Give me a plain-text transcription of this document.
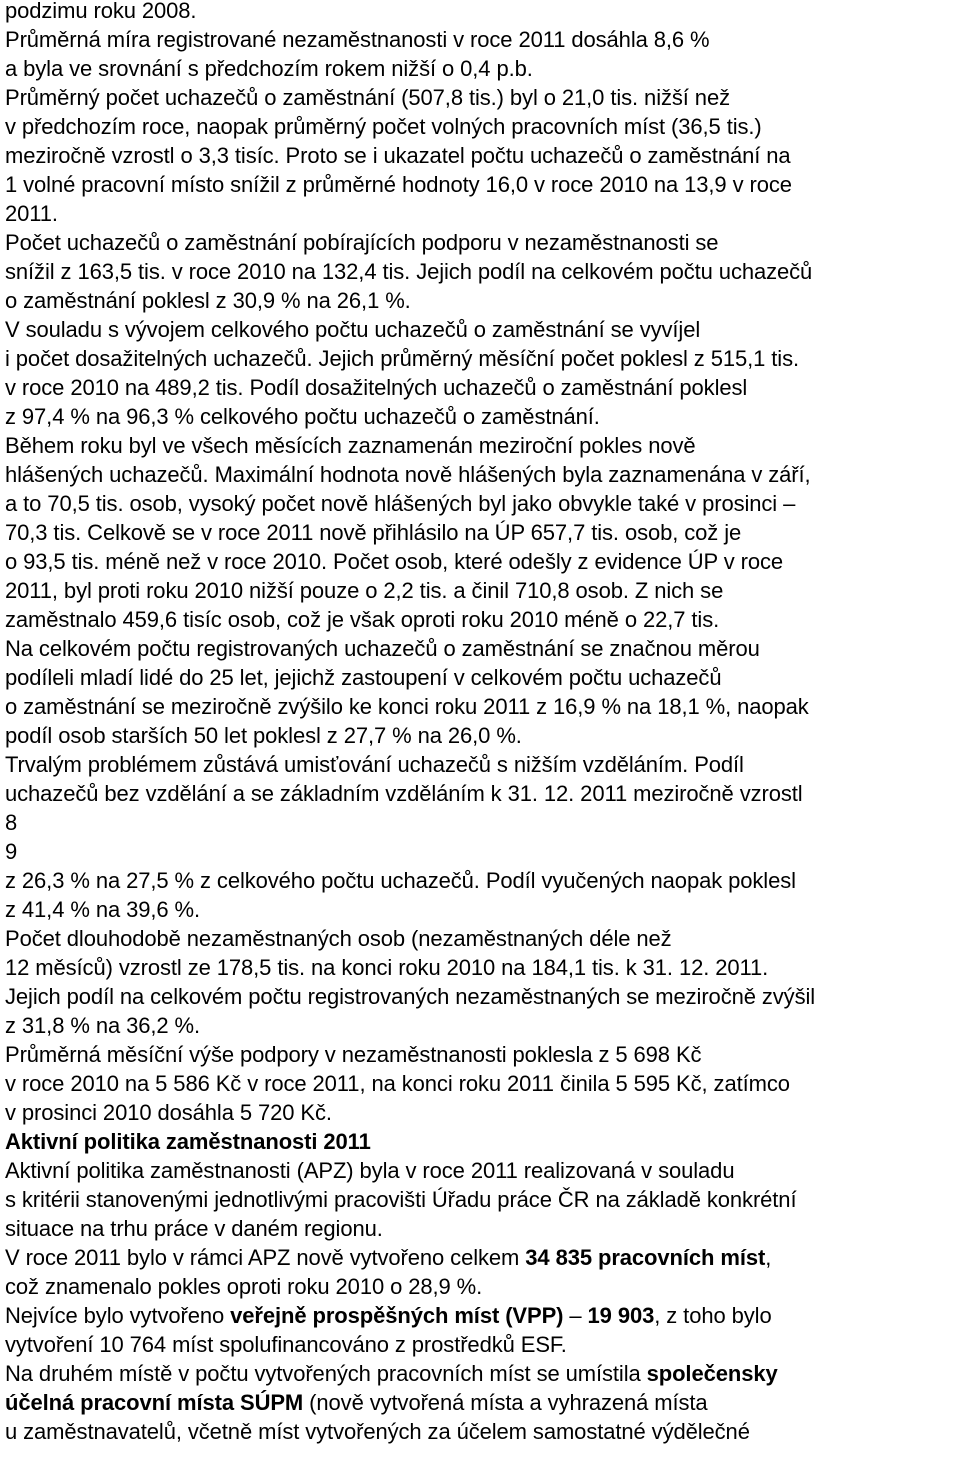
podzimu roku 2008.
Průměrná míra registrované nezaměstnanosti v roce 2011 dosáhla 8,6 %
a byla ve srovnání s předchozím rokem nižší o 0,4 p.b.
Průměrný počet uchazečů o zaměstnání (507,8 tis.) byl o 21,0 tis. nižší než
v předchozím roce, naopak průměrný počet volných pracovních míst (36,5 tis.)
meziročně vzrostl o 3,3 tisíc. Proto se i ukazatel počtu uchazečů o zaměstnání na
1 volné pracovní místo snížil z průměrné hodnoty 16,0 v roce 2010 na 13,9 v roce
2011.
Počet uchazečů o zaměstnání pobírajících podporu v nezaměstnanosti se
snížil z 163,5 tis. v roce 2010 na 132,4 tis. Jejich podíl na celkovém počtu uchazečů
o zaměstnání poklesl z 30,9 % na 26,1 %.
V souladu s vývojem celkového počtu uchazečů o zaměstnání se vyvíjel
i počet dosažitelných uchazečů. Jejich průměrný měsíční počet poklesl z 515,1 tis.
v roce 2010 na 489,2 tis. Podíl dosažitelných uchazečů o zaměstnání poklesl
z 97,4 % na 96,3 % celkového počtu uchazečů o zaměstnání.
Během roku byl ve všech měsících zaznamenán meziroční pokles nově
hlášených uchazečů. Maximální hodnota nově hlášených byla zaznamenána v září,
a to 70,5 tis. osob, vysoký počet nově hlášených byl jako obvykle také v prosinci –
70,3 tis. Celkově se v roce 2011 nově přihlásilo na ÚP 657,7 tis. osob, což je
o 93,5 tis. méně než v roce 2010. Počet osob, které odešly z evidence ÚP v roce
2011, byl proti roku 2010 nižší pouze o 2,2 tis. a činil 710,8 osob. Z nich se
zaměstnalo 459,6 tisíc osob, což je však oproti roku 2010 méně o 22,7 tis.
Na celkovém počtu registrovaných uchazečů o zaměstnání se značnou měrou
podíleli mladí lidé do 25 let, jejichž zastoupení v celkovém počtu uchazečů
o zaměstnání se meziročně zvýšilo ke konci roku 2011 z 16,9 % na 18,1 %, naopak
podíl osob starších 50 let poklesl z 27,7 % na 26,0 %.
Trvalým problémem zůstává umisťování uchazečů s nižším vzděláním. Podíl
uchazečů bez vzdělání a se základním vzděláním k 31. 12. 2011 meziročně vzrostl
8
9
z 26,3 % na 27,5 % z celkového počtu uchazečů. Podíl vyučených naopak poklesl
z 41,4 % na 39,6 %.
Počet dlouhodobě nezaměstnaných osob (nezaměstnaných déle než
12 měsíců) vzrostl ze 178,5 tis. na konci roku 2010 na 184,1 tis. k 31. 12. 2011.
Jejich podíl na celkovém počtu registrovaných nezaměstnaných se meziročně zvýšil
z 31,8 % na 36,2 %.
Průměrná měsíční výše podpory v nezaměstnanosti poklesla z 5 698 Kč
v roce 2010 na 5 586 Kč v roce 2011, na konci roku 2011 činila 5 595 Kč, zatímco
v prosinci 2010 dosáhla 5 720 Kč.
Aktivní politika zaměstnanosti 2011
Aktivní politika zaměstnanosti (APZ) byla v roce 2011 realizovaná v souladu
s kritérii stanovenými jednotlivými pracovišti Úřadu práce ČR na základě konkrétní
situace na trhu práce v daném regionu.
V roce 2011 bylo v rámci APZ nově vytvořeno celkem 34 835 pracovních míst,
což znamenalo pokles oproti roku 2010 o 28,9 %.
Nejvíce bylo vytvořeno veřejně prospěšných míst (VPP) – 19 903, z toho bylo
vytvoření 10 764 míst spolufinancováno z prostředků ESF.
Na druhém místě v počtu vytvořených pracovních míst se umístila společensky
účelná pracovní místa SÚPM (nově vytvořená místa a vyhrazená místa
u zaměstnavatelů, včetně míst vytvořených za účelem samostatné výdělečné
